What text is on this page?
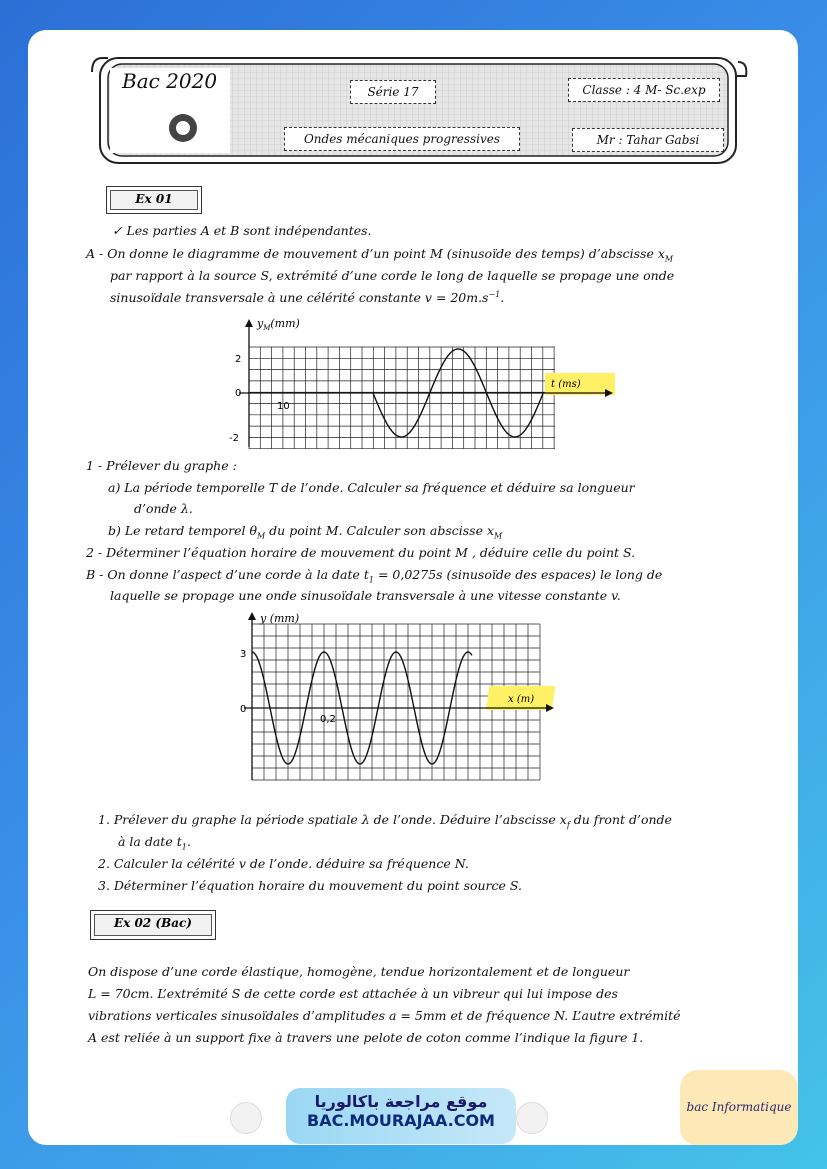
Bac 2020	Série 17	Classe : 4 M- Sc.exp
Ondes mécaniques progressives	Mr : Tahar Gabsi
Ex 01
✓ Les parties A et B sont indépendantes.
A - On donne le diagramme de mouvement d’un point M (sinusoïde des temps) d’abscisse $x_M$
par rapport à la source S, extrémité d’une corde le long de laquelle se propage une onde
sinusoïdale transversale à une célérité constante $v = 20m.s^{-1}$.
$y_M(mm)$
2
0
-2
10
t (ms)
1 - Prélever du graphe :
a) La période temporelle T de l’onde. Calculer sa fréquence et déduire sa longueur
d’onde λ.
b) Le retard temporel $\theta_M$ du point M. Calculer son abscisse $x_M$
2 - Déterminer l’équation horaire de mouvement du point M , déduire celle du point S.
B - On donne l’aspect d’une corde à la date $t_1 = 0,0275s$ (sinusoïde des espaces) le long de
laquelle se propage une onde sinusoïdale transversale à une vitesse constante v.
y (mm)
3
0
0,2
x (m)
1. Prélever du graphe la période spatiale λ de l’onde. Déduire l’abscisse $x_f$ du front d’onde
à la date $t_1$.
2. Calculer la célérité v de l’onde. déduire sa fréquence N.
3. Déterminer l’équation horaire du mouvement du point source S.
Ex 02 (Bac)
On dispose d’une corde élastique, homogène, tendue horizontalement et de longueur
L = 70cm. L’extrémité S de cette corde est attachée à un vibreur qui lui impose des
vibrations verticales sinusoïdales d’amplitudes a = 5mm et de fréquence N. L’autre extrémité
A est reliée à un support fixe à travers une pelote de coton comme l’indique la figure 1.
موقع مراجعة باكالوريا
BAC.MOURAJAA.COM
bac Informatique
